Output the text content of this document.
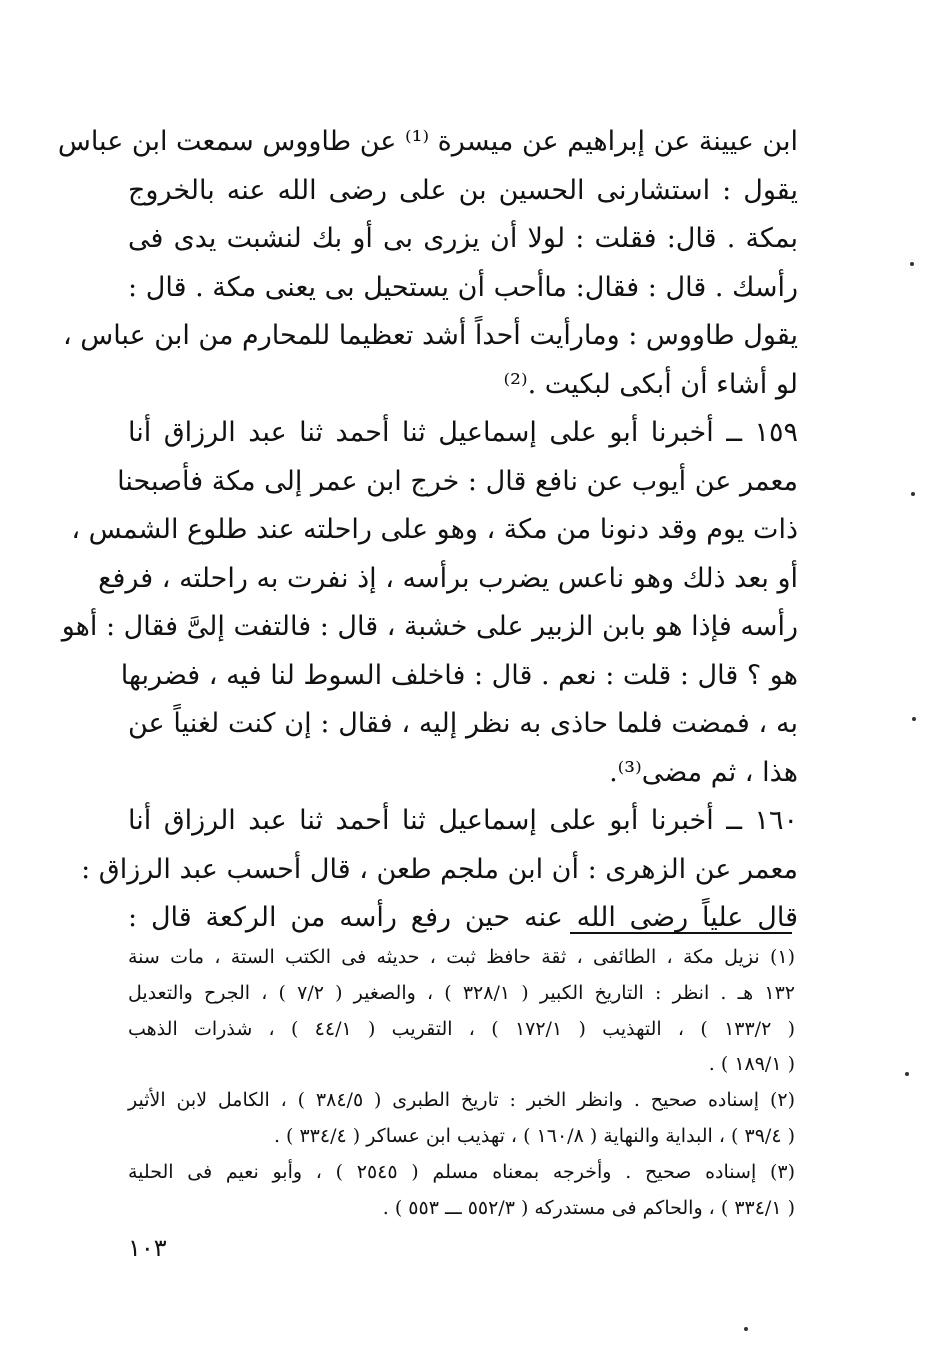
ابن عيينة عن إبراهيم عن ميسرة ⁽¹⁾ عن طاووس سمعت ابن عباس
يقول : استشارنى الحسين بن على رضى الله عنه بالخروج
بمكة . قال: فقلت : لولا أن يزرى بى أو بك لنشبت يدى فى
رأسك . قال : فقال: ماأحب أن يستحيل بى يعنى مكة . قال :
يقول طاووس : ومارأيت أحداً أشد تعظيما للمحارم من ابن عباس ،
لو أشاء أن أبكى لبكيت .⁽²⁾
١٥٩ ــ أخبرنا أبو على إسماعيل ثنا أحمد ثنا عبد الرزاق أنا
معمر عن أيوب عن نافع قال : خرج ابن عمر إلى مكة فأصبحنا
ذات يوم وقد دنونا من مكة ، وهو على راحلته عند طلوع الشمس ،
أو بعد ذلك وهو ناعس يضرب برأسه ، إذ نفرت به راحلته ، فرفع
رأسه فإذا هو بابن الزبير على خشبة ، قال : فالتفت إلىَّ فقال : أهو
هو ؟ قال : قلت : نعم . قال : فاخلف السوط لنا فيه ، فضربها
به ، فمضت فلما حاذى به نظر إليه ، فقال : إن كنت لغنياً عن
هذا ، ثم مضى⁽³⁾.
١٦٠ ــ أخبرنا أبو على إسماعيل ثنا أحمد ثنا عبد الرزاق أنا
معمر عن الزهرى : أن ابن ملجم طعن ، قال أحسب عبد الرزاق :
قال علياً رضى الله عنه حين رفع رأسه من الركعة قال :
(١) نزيل مكة ، الطائفى ، ثقة حافظ ثبت ، حديثه فى الكتب الستة ، مات سنة
١٣٢ هـ . انظر : التاريخ الكبير ( ٣٢٨/١ ) ، والصغير ( ٧/٢ ) ، الجرح والتعديل
( ١٣٣/٢ ) ، التهذيب ( ١٧٢/١ ) ، التقريب ( ٤٤/١ ) ، شذرات الذهب
( ١٨٩/١ ) .
(٢) إسناده صحيح . وانظر الخبر : تاريخ الطبرى ( ٣٨٤/٥ ) ، الكامل لابن الأثير
( ٣٩/٤ ) ، البداية والنهاية ( ١٦٠/٨ ) ، تهذيب ابن عساكر ( ٣٣٤/٤ ) .
(٣) إسناده صحيح . وأخرجه بمعناه مسلم ( ٢٥٤٥ ) ، وأبو نعيم فى الحلية
( ٣٣٤/١ ) ، والحاكم فى مستدركه ( ٥٥٢/٣ ـــ ٥٥٣ ) .
١٠٣
